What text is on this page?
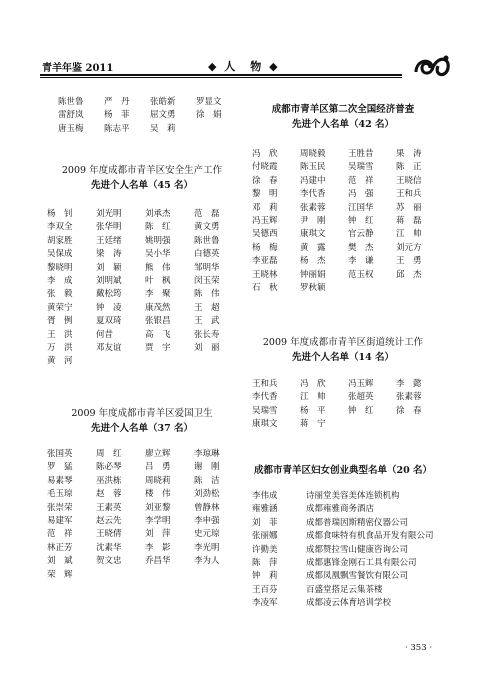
青羊年鉴 2011	◆ 人　物 ◆
陈世鲁	严　丹	张皓新	罗显文
雷舒岚	杨　菲	屈文勇	徐　娟
唐玉梅	陈志平	吴　莉
2009 年度成都市青羊区安全生产工作
先进个人名单（45 名）
杨　钊	刘光明	刘承杰	范　磊
李双全	张华明	陈　红	黄文勇
胡家胜	王廷绪	姚明强	陈世鲁
吴保成	梁　涛	吴小华	白德英
黎晓明	刘　颖	熊　伟	邹明华
李　成	刘明斌	叶　枫	闵玉荣
张　毅	戴松筠	李　聚	陈　伟
黄荣宁	钟　凌	康茂然	王　超
胥　例	夏双琦	张银昌	王　武
王　洪	何昔	高　飞	张长寿
万　洪	邓友谊	贾　宇	刘　丽
黄　河
2009 年度成都市青羊区爱国卫生
先进个人名单（37 名）
张国英	周　红	廖立辉	李琼琳
罗　猛	陈必琴	吕　勇	谢　刚
易素琴	巫洪栋	周晓莉	陈　洁
毛玉琼	赵　蓉	楼　伟	刘劲松
张崇荣	王素英	刘亚黎	曾静林
易建军	赵云先	李学明	李申强
范　祥	王晓倩	刘　萍	史元琼
林正芳	沈素华	李　影	李光明
刘　斌	贺文忠	乔昌华	李为人
荣　辉
成都市青羊区第二次全国经济普查
先进个人名单（42 名）
冯　欣	周晓毅	王胜昔	果　涛
付晓霞	陈玉民	吴瑞雪	陈　正
徐　春	冯建中	范　祥	王晓信
黎　明	李代香	冯　强	王和兵
邓　莉	张素蓉	江国华	苏　丽
冯玉辉	尹　刚	钟　红	蒋　磊
吴德西	康琪文	官云静	江　帅
杨　梅	黄　露	樊　杰	刘元方
李亚磊	杨　杰	李　谦	王　勇
王晓林	钟丽娟	范玉权	邱　杰
石　秋	罗秋颖
2009 年度成都市青羊区街道统计工作
先进个人名单（14 名）
王和兵	冯　欣	冯玉辉	李　懿
李代香	江　帅	张超英	张素蓉
吴瑞雪	杨　平	钟　红	徐　春
康琪文	蒋　宁
成都市青羊区妇女创业典型名单（20 名）
李伟成	诗丽堂美容美体连锁机构
雍雅涵	成都雍雅商务酒店
刘　菲	成都普瑞因斯精密仪器公司
张丽娜	成都食味特有机食品开发有限公司
许勤美	成都赞拉雪山健康咨询公司
陈　萍	成都惠锋金刚石工具有限公司
钟　莉	成都凤凰飘雪餐饮有限公司
王百芬	百盛堂搭足云集茶楼
李凌军	成都凌云体育培训学校
· 353 ·
